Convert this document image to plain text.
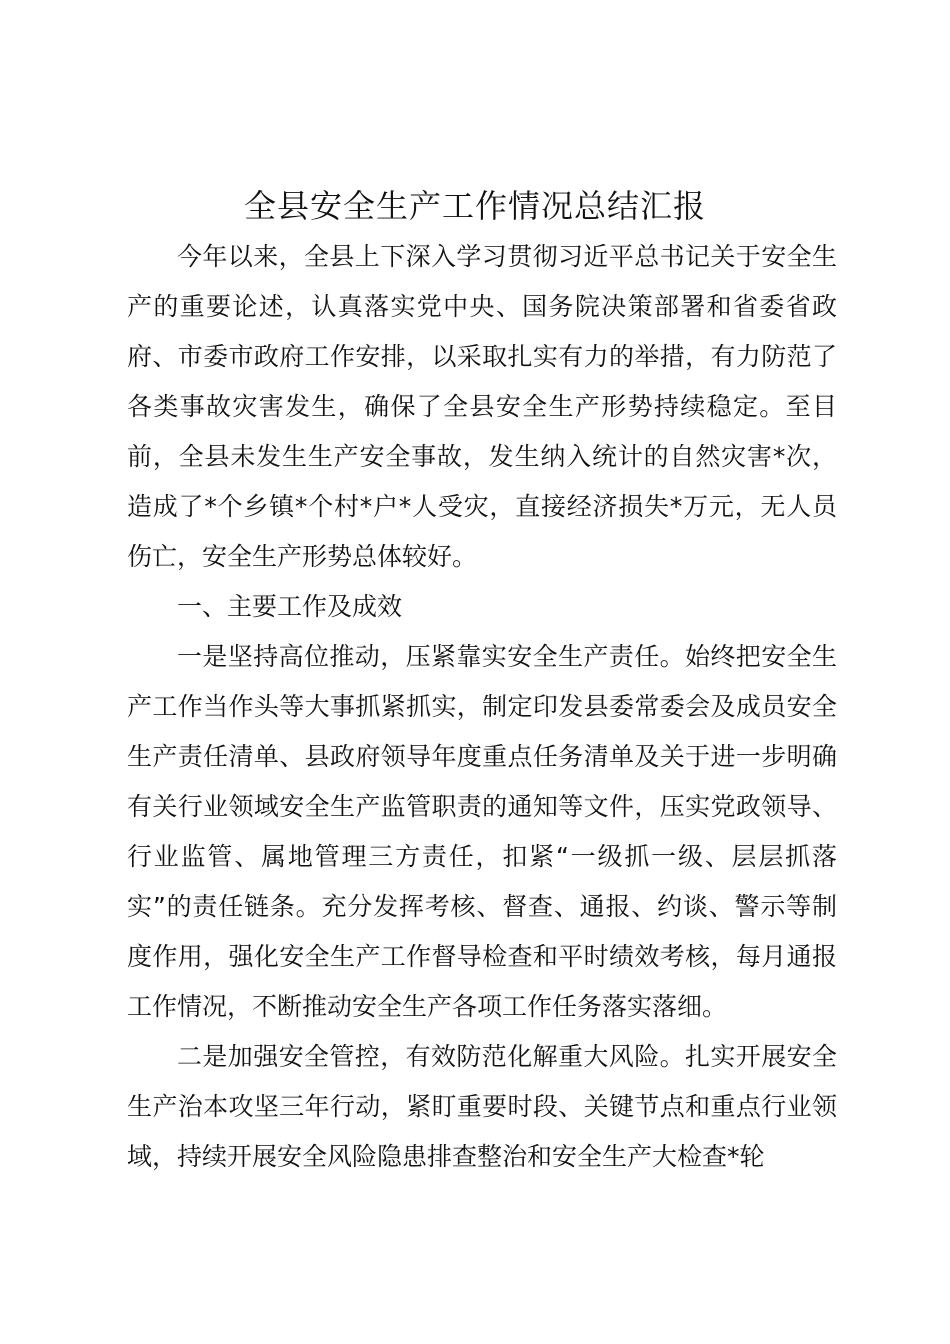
全县安全生产工作情况总结汇报

今年以来，全县上下深入学习贯彻习近平总书记关于安全生产的重要论述，认真落实党中央、国务院决策部署和省委省政府、市委市政府工作安排，以采取扎实有力的举措，有力防范了各类事故灾害发生，确保了全县安全生产形势持续稳定。至目前，全县未发生生产安全事故，发生纳入统计的自然灾害*次，造成了*个乡镇*个村*户*人受灾，直接经济损失*万元，无人员伤亡，安全生产形势总体较好。

一、主要工作及成效

一是坚持高位推动，压紧靠实安全生产责任。始终把安全生产工作当作头等大事抓紧抓实，制定印发县委常委会及成员安全生产责任清单、县政府领导年度重点任务清单及关于进一步明确有关行业领域安全生产监管职责的通知等文件，压实党政领导、行业监管、属地管理三方责任，扣紧“一级抓一级、层层抓落实”的责任链条。充分发挥考核、督查、通报、约谈、警示等制度作用，强化安全生产工作督导检查和平时绩效考核，每月通报工作情况，不断推动安全生产各项工作任务落实落细。

二是加强安全管控，有效防范化解重大风险。扎实开展安全生产治本攻坚三年行动，紧盯重要时段、关键节点和重点行业领域，持续开展安全风险隐患排查整治和安全生产大检查*轮
